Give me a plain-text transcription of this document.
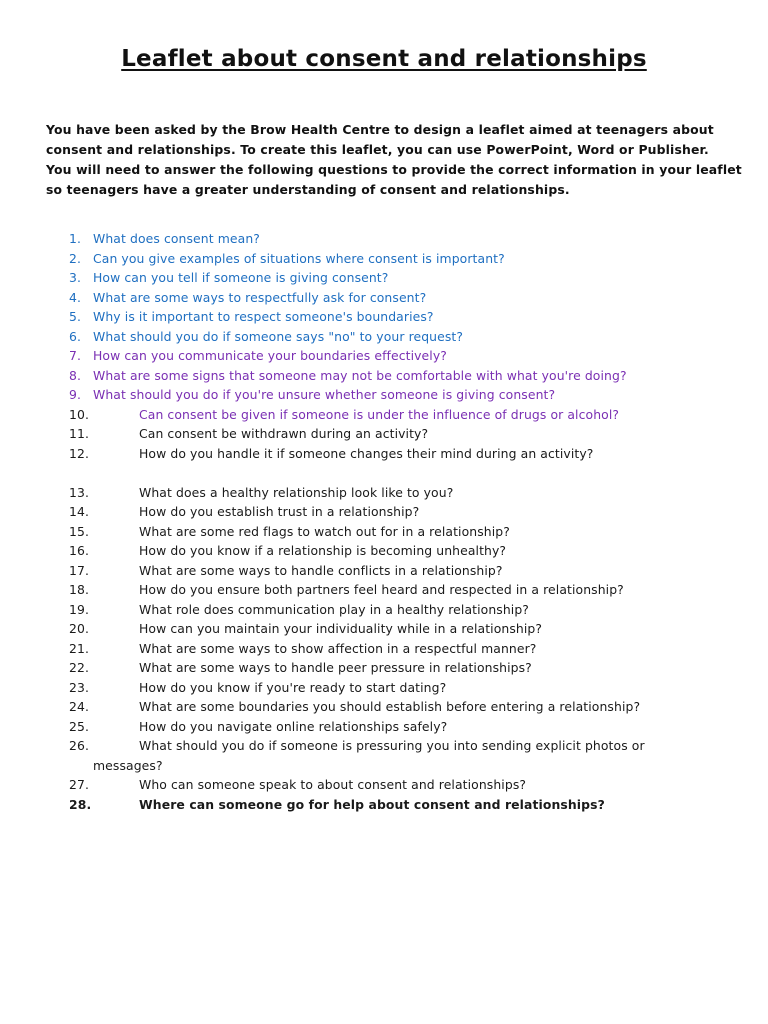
Leaflet about consent and relationships
You have been asked by the Brow Health Centre to design a leaflet aimed at teenagers about
consent and relationships. To create this leaflet, you can use PowerPoint, Word or Publisher.
You will need to answer the following questions to provide the correct information in your leaflet
so teenagers have a greater understanding of consent and relationships.
1. What does consent mean?
2. Can you give examples of situations where consent is important?
3. How can you tell if someone is giving consent?
4. What are some ways to respectfully ask for consent?
5. Why is it important to respect someone's boundaries?
6. What should you do if someone says "no" to your request?
7. How can you communicate your boundaries effectively?
8. What are some signs that someone may not be comfortable with what you're doing?
9. What should you do if you're unsure whether someone is giving consent?
10.	Can consent be given if someone is under the influence of drugs or alcohol?
11.	Can consent be withdrawn during an activity?
12.	How do you handle it if someone changes their mind during an activity?
13.	What does a healthy relationship look like to you?
14.	How do you establish trust in a relationship?
15.	What are some red flags to watch out for in a relationship?
16.	How do you know if a relationship is becoming unhealthy?
17.	What are some ways to handle conflicts in a relationship?
18.	How do you ensure both partners feel heard and respected in a relationship?
19.	What role does communication play in a healthy relationship?
20.	How can you maintain your individuality while in a relationship?
21.	What are some ways to show affection in a respectful manner?
22.	What are some ways to handle peer pressure in relationships?
23.	How do you know if you're ready to start dating?
24.	What are some boundaries you should establish before entering a relationship?
25.	How do you navigate online relationships safely?
26.	What should you do if someone is pressuring you into sending explicit photos or
messages?
27.	Who can someone speak to about consent and relationships?
28.	Where can someone go for help about consent and relationships?
